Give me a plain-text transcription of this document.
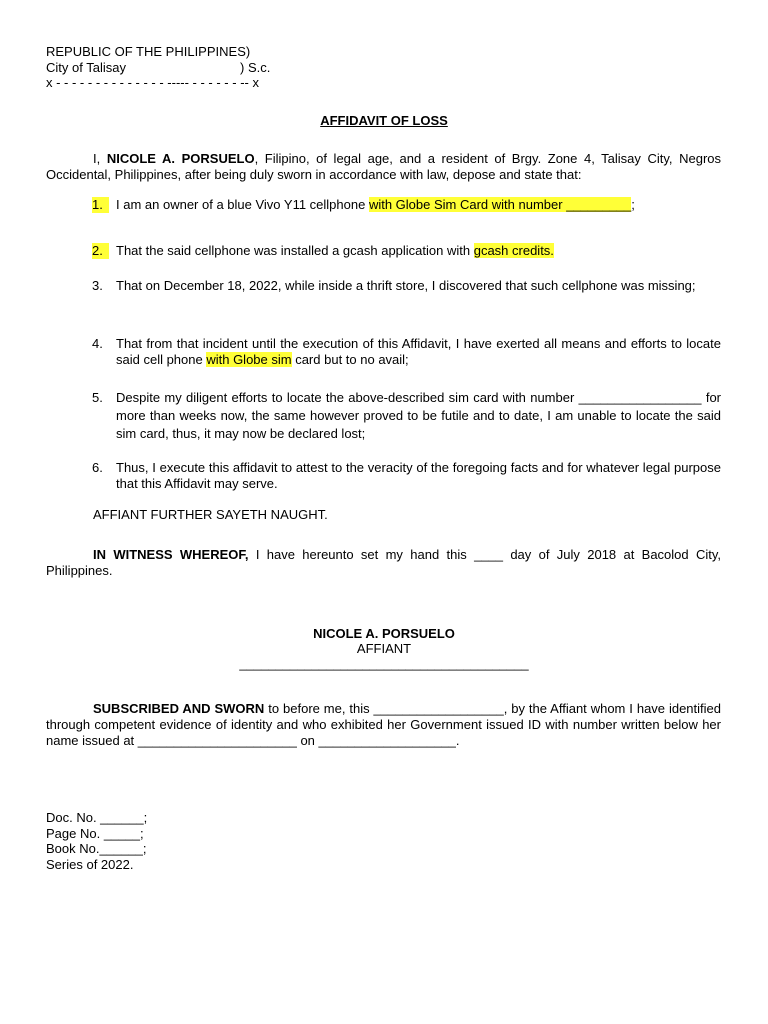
REPUBLIC OF THE PHILIPPINES)
City of Talisay	) S.c.
x - - - - - - - - - - - - - - ----- - - - - - - -- x
AFFIDAVIT OF LOSS
I, NICOLE A. PORSUELO, Filipino, of legal age, and a resident of Brgy. Zone 4, Talisay City, Negros Occidental, Philippines, after being duly sworn in accordance with law, depose and state that:
1.	I am an owner of a blue Vivo Y11 cellphone with Globe Sim Card with number _________;
2.	That the said cellphone was installed a gcash application with gcash credits.
3.	That on December 18, 2022, while inside a thrift store, I discovered that such cellphone was missing;
4.	That from that incident until the execution of this Affidavit, I have exerted all means and efforts to locate said cell phone with Globe sim card but to no avail;
5.	Despite my diligent efforts to locate the above-described sim card with number _________________ for more than weeks now, the same however proved to be futile and to date, I am unable to locate the said sim card, thus, it may now be declared lost;
6.	Thus, I execute this affidavit to attest to the veracity of the foregoing facts and for whatever legal purpose that this Affidavit may serve.
AFFIANT FURTHER SAYETH NAUGHT.
IN WITNESS WHEREOF, I have hereunto set my hand this ____ day of July 2018 at Bacolod City, Philippines.
NICOLE A. PORSUELO
AFFIANT
________________________________________
SUBSCRIBED AND SWORN to before me, this __________________, by the Affiant whom I have identified through competent evidence of identity and who exhibited her Government issued ID with number written below her name issued at ______________________ on ___________________.
Doc. No. ______;
Page No. _____;
Book No.______;
Series of 2022.
